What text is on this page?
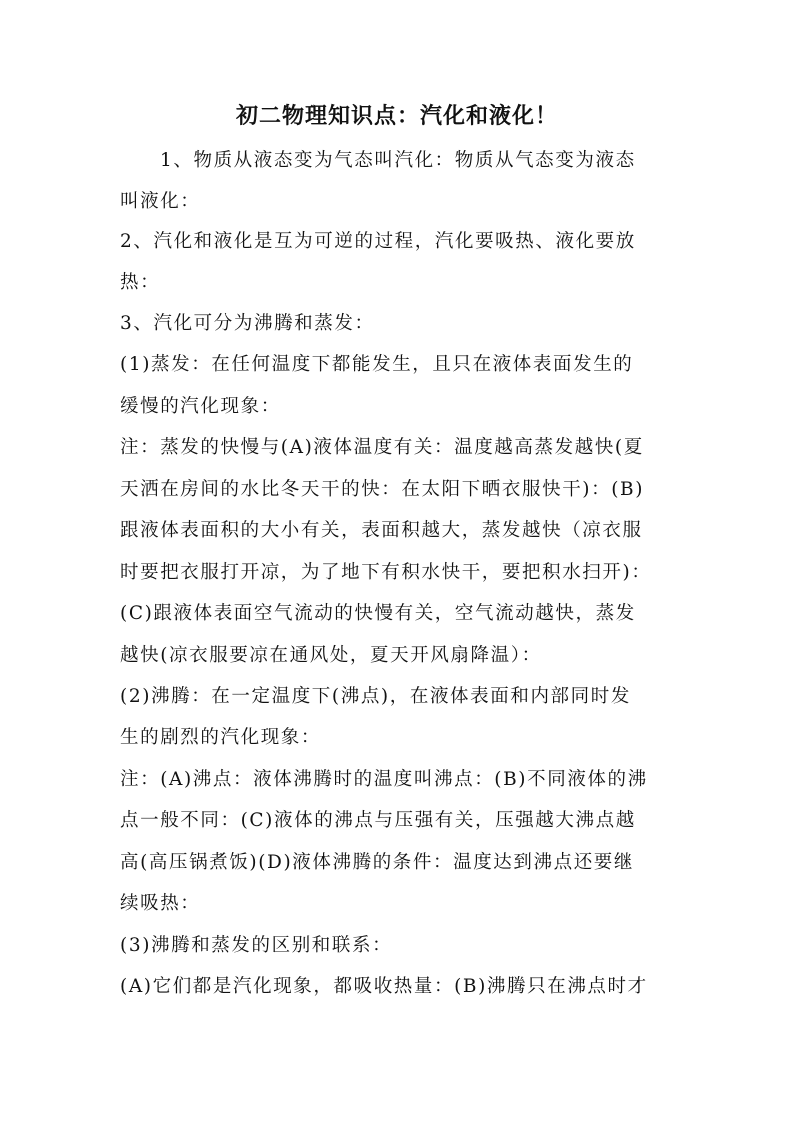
初二物理知识点：汽化和液化！
1、物质从液态变为气态叫汽化：物质从气态变为液态
叫液化：
2、汽化和液化是互为可逆的过程，汽化要吸热、液化要放
热：
3、汽化可分为沸腾和蒸发：
(1)蒸发：在任何温度下都能发生，且只在液体表面发生的
缓慢的汽化现象：
注：蒸发的快慢与(A)液体温度有关：温度越高蒸发越快(夏
天洒在房间的水比冬天干的快：在太阳下晒衣服快干)：(B)
跟液体表面积的大小有关，表面积越大，蒸发越快（凉衣服
时要把衣服打开凉，为了地下有积水快干，要把积水扫开)：
(C)跟液体表面空气流动的快慢有关，空气流动越快，蒸发
越快(凉衣服要凉在通风处，夏天开风扇降温）：
(2)沸腾：在一定温度下(沸点)，在液体表面和内部同时发
生的剧烈的汽化现象：
注：(A)沸点：液体沸腾时的温度叫沸点：(B)不同液体的沸
点一般不同：(C)液体的沸点与压强有关，压强越大沸点越
高(高压锅煮饭)(D)液体沸腾的条件：温度达到沸点还要继
续吸热：
(3)沸腾和蒸发的区别和联系：
(A)它们都是汽化现象，都吸收热量：(B)沸腾只在沸点时才
